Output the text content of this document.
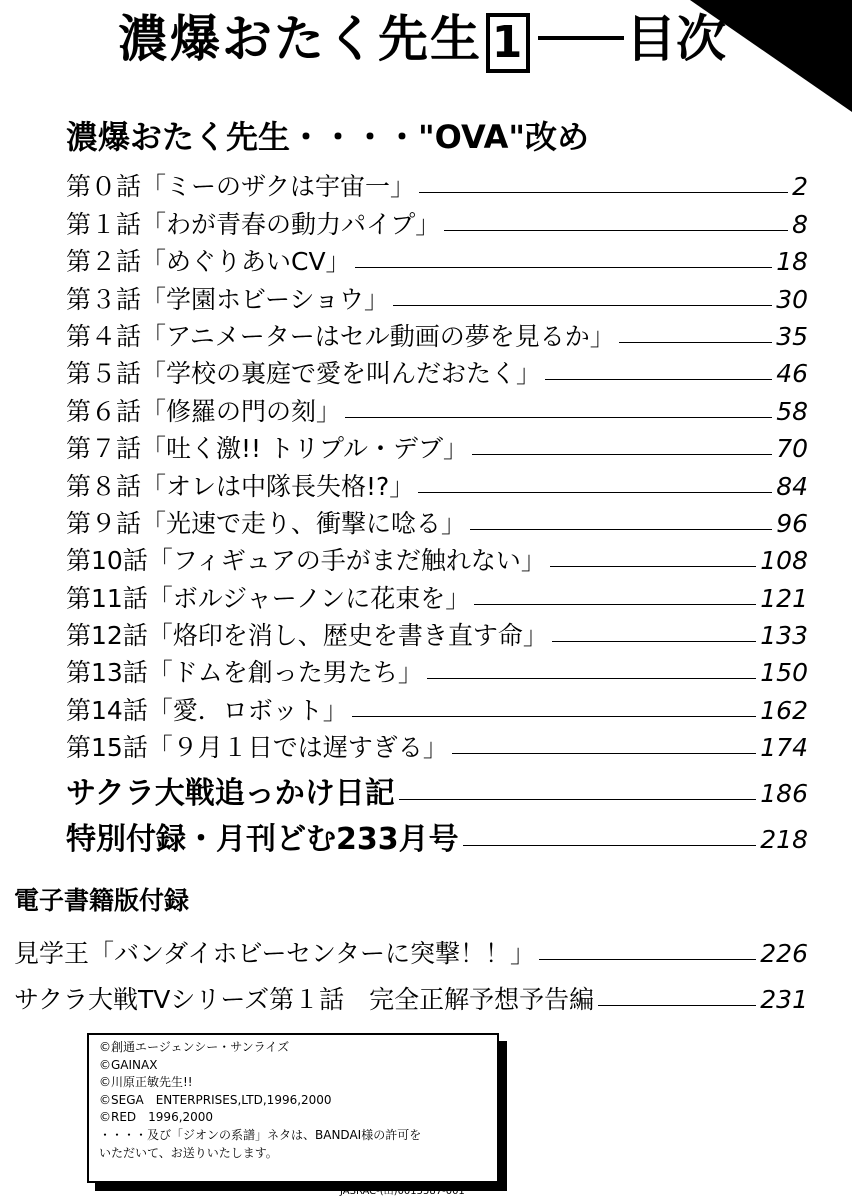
濃爆おたく先生 1 目次
濃爆おたく先生・・・・"OVA"改め
第０話「ミーのザクは宇宙一」	2
第１話「わが青春の動力パイプ」	8
第２話「めぐりあいCV」	18
第３話「学園ホビーショウ」	30
第４話「アニメーターはセル動画の夢を見るか」	35
第５話「学校の裏庭で愛を叫んだおたく」	46
第６話「修羅の門の刻」	58
第７話「吐く激!! トリプル・デブ」	70
第８話「オレは中隊長失格!?」	84
第９話「光速で走り、衝撃に唸る」	96
第10話「フィギュアの手がまだ触れない」	108
第11話「ボルジャーノンに花束を」	121
第12話「烙印を消し、歴史を書き直す命」	133
第13話「ドムを創った男たち」	150
第14話「愛．ロボット」	162
第15話「９月１日では遅すぎる」	174
サクラ大戦追っかけ日記	186
特別付録・月刊どむ233月号	218
電子書籍版付録
見学王「バンダイホビーセンターに突撃！！」	226
サクラ大戦TVシリーズ第１話　完全正解予想予告編	231
©創通エージェンシー・サンライズ
©GAINAX
©川原正敏先生!!
©SEGA　ENTERPRISES,LTD,1996,2000
©RED　1996,2000
・・・・及び「ジオンの系譜」ネタは、BANDAI様の許可を
いただいて、お送りいたします。
JASRAC-(出)0015587-001
